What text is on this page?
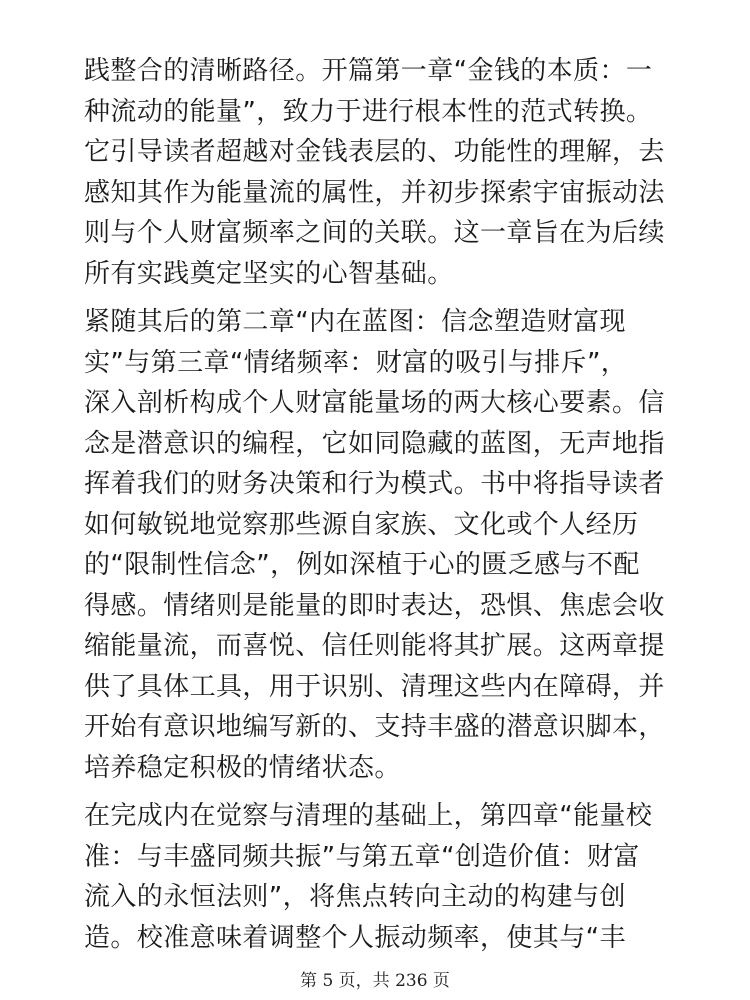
践整合的清晰路径。开篇第一章“金钱的本质：一
种流动的能量”，致力于进行根本性的范式转换。
它引导读者超越对金钱表层的、功能性的理解，去
感知其作为能量流的属性，并初步探索宇宙振动法
则与个人财富频率之间的关联。这一章旨在为后续
所有实践奠定坚实的心智基础。
紧随其后的第二章“内在蓝图：信念塑造财富现
实”与第三章“情绪频率：财富的吸引与排斥”，
深入剖析构成个人财富能量场的两大核心要素。信
念是潜意识的编程，它如同隐藏的蓝图，无声地指
挥着我们的财务决策和行为模式。书中将指导读者
如何敏锐地觉察那些源自家族、文化或个人经历
的“限制性信念”，例如深植于心的匮乏感与不配
得感。情绪则是能量的即时表达，恐惧、焦虑会收
缩能量流，而喜悦、信任则能将其扩展。这两章提
供了具体工具，用于识别、清理这些内在障碍，并
开始有意识地编写新的、支持丰盛的潜意识脚本，
培养稳定积极的情绪状态。
在完成内在觉察与清理的基础上，第四章“能量校
准：与丰盛同频共振”与第五章“创造价值：财富
流入的永恒法则”，将焦点转向主动的构建与创
造。校准意味着调整个人振动频率，使其与“丰
第 5 页，共 236 页
